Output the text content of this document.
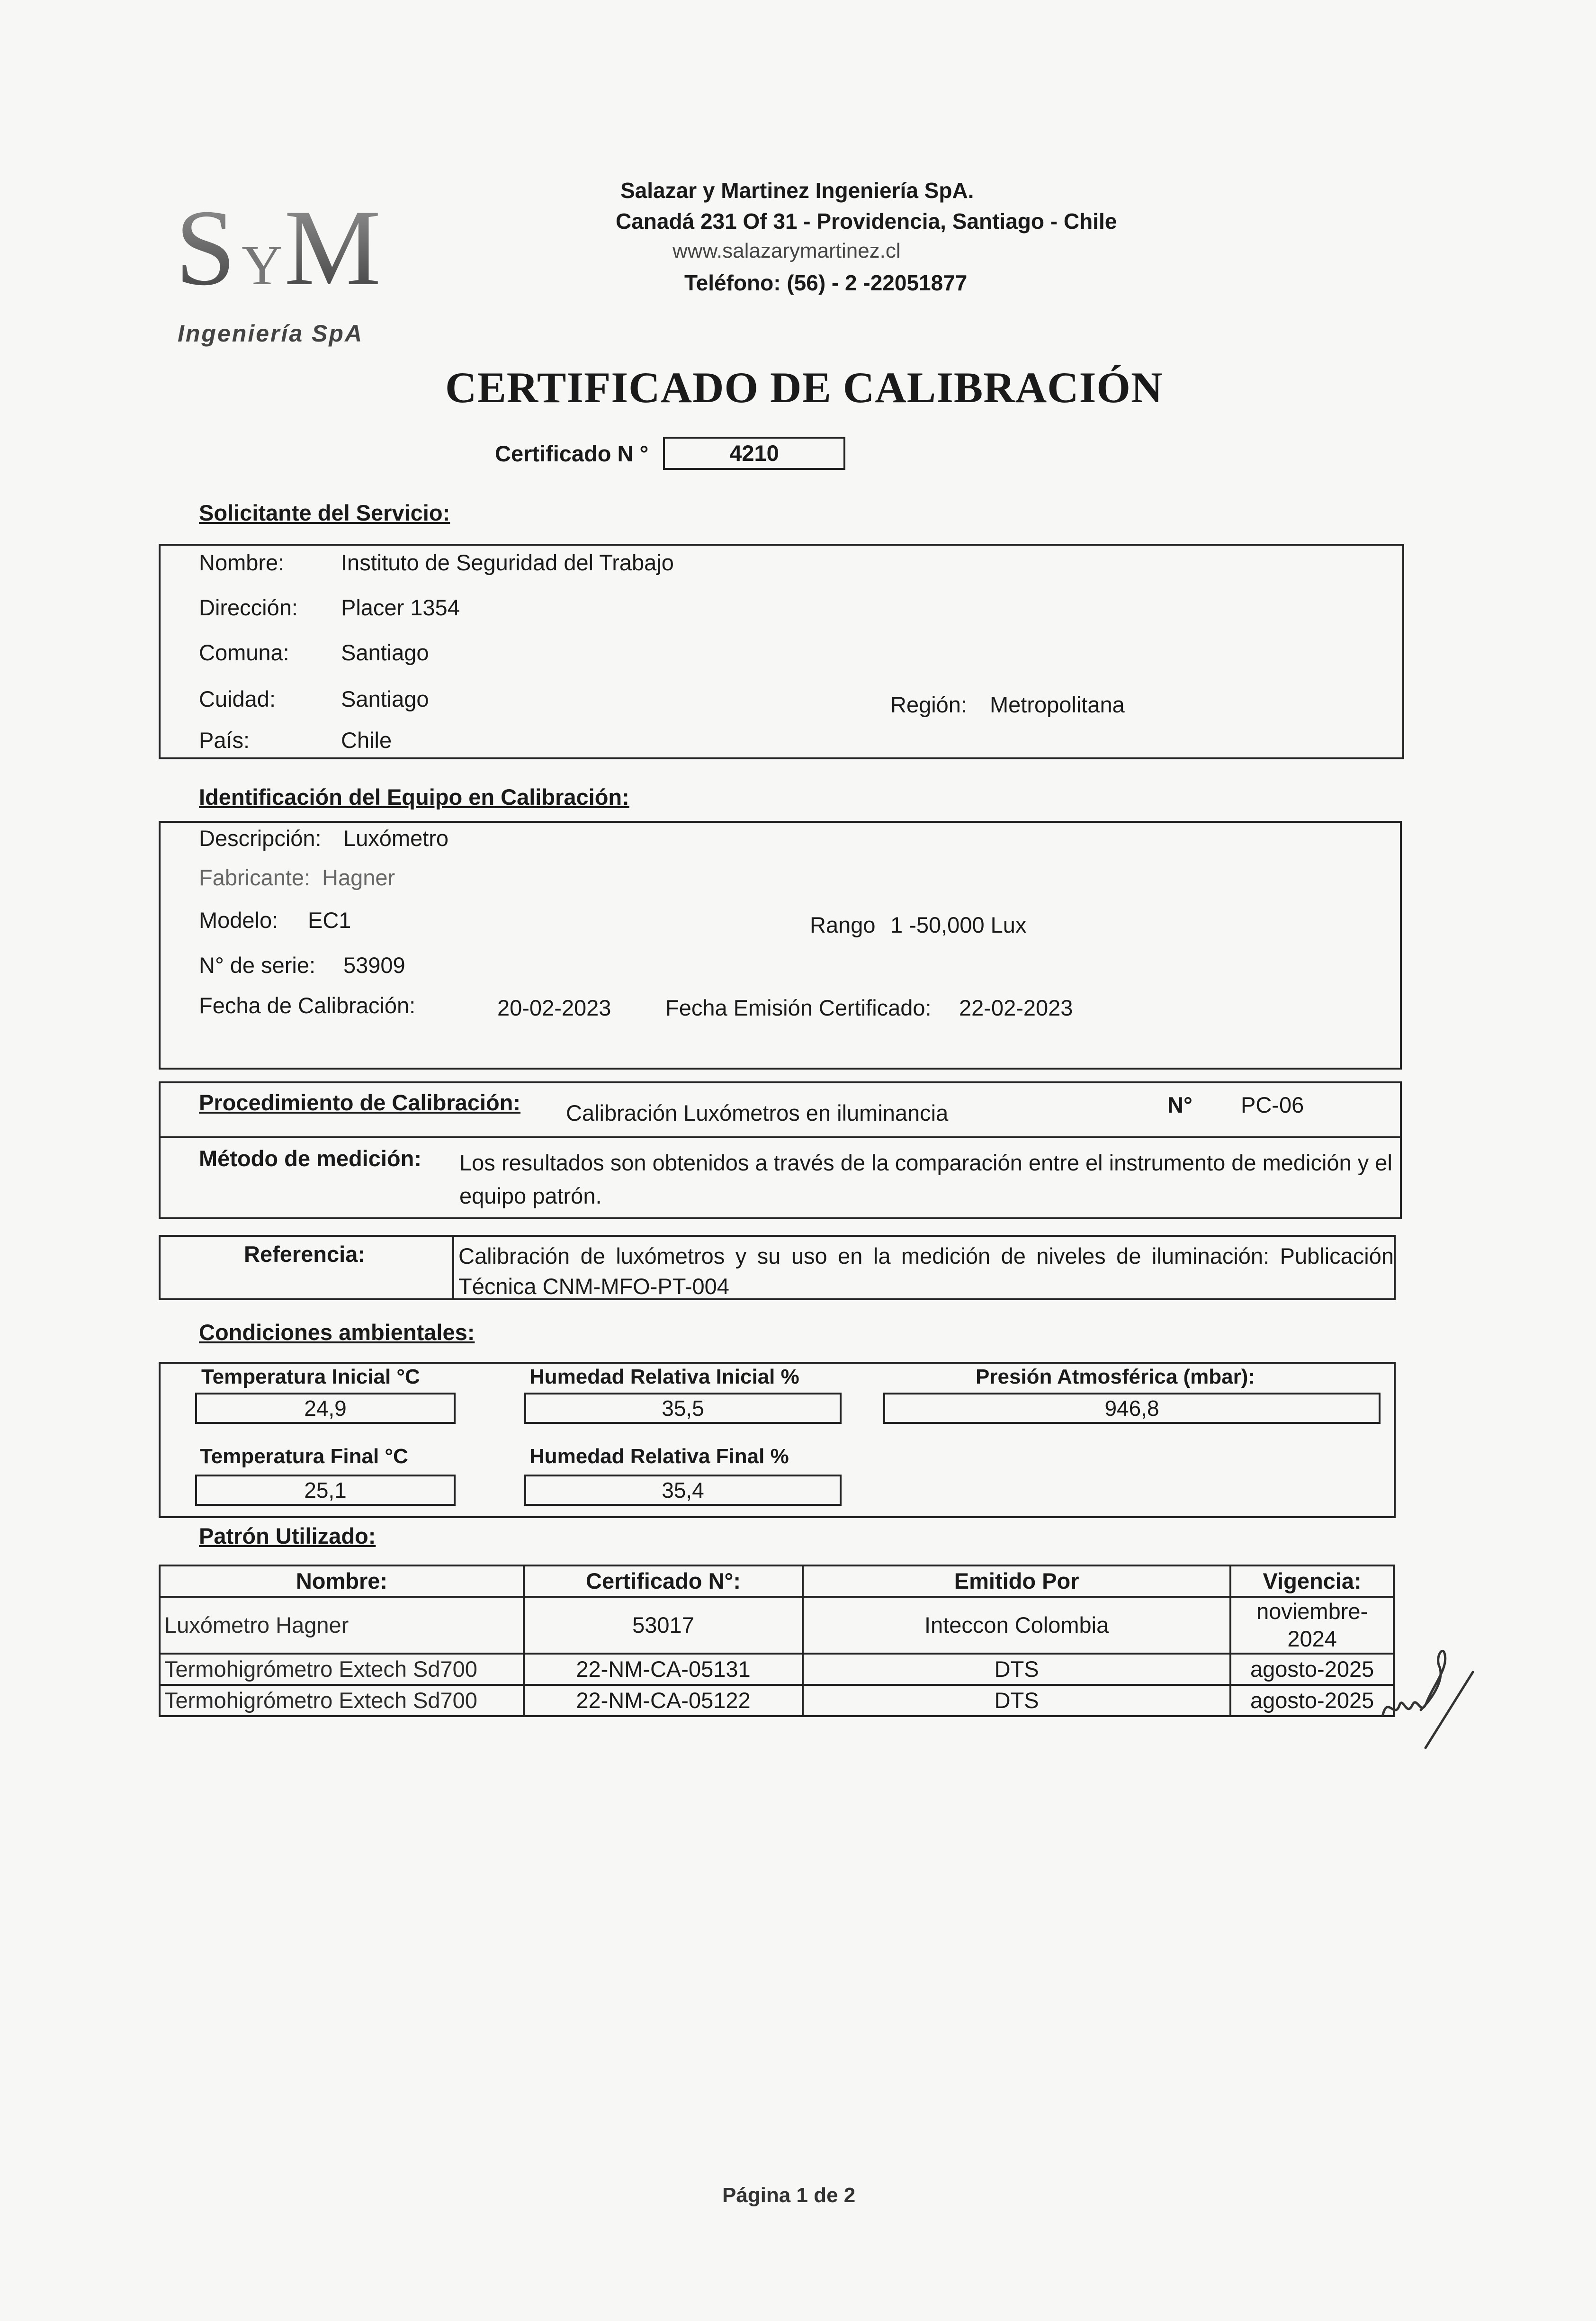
S Y M
Ingeniería SpA
Salazar y Martinez Ingeniería SpA.
Canadá 231 Of 31 - Providencia, Santiago - Chile
www.salazarymartinez.cl
Teléfono: (56) - 2 -22051877
CERTIFICADO DE CALIBRACIÓN
Certificado N °	4210
Solicitante del Servicio:
Nombre:	Instituto de Seguridad del Trabajo
Dirección: Placer 1354
Comuna: Santiago
Cuidad:	Santiago	Región: Metropolitana
País:	Chile
Identificación del Equipo en Calibración:
Descripción: Luxómetro
Fabricante: Hagner
Modelo: EC1	Rango 1 -50,000 Lux
N° de serie: 53909
Fecha de Calibración:	20-02-2023 Fecha Emisión Certificado: 22-02-2023
Procedimiento de Calibración: Calibración Luxómetros en iluminancia	N° PC-06
Método de medición: Los resultados son obtenidos a través de la comparación entre el instrumento de medición y el equipo patrón.
Referencia:	Calibración de luxómetros y su uso en la medición de niveles de iluminación: Publicación Técnica CNM-MFO-PT-004
Condiciones ambientales:
Temperatura Inicial °C
24,9
Humedad Relativa Inicial %
35,5
Presión Atmosférica (mbar):
946,8
Temperatura Final °C
25,1
Humedad Relativa Final %
35,4
Patrón Utilizado:
Nombre:	Certificado N°:	Emitido Por	Vigencia:
Luxómetro Hagner	53017	Inteccon Colombia	noviembre-2024
Termohigrómetro Extech Sd700	22-NM-CA-05131	DTS	agosto-2025
Termohigrómetro Extech Sd700	22-NM-CA-05122	DTS	agosto-2025
Página 1 de 2
